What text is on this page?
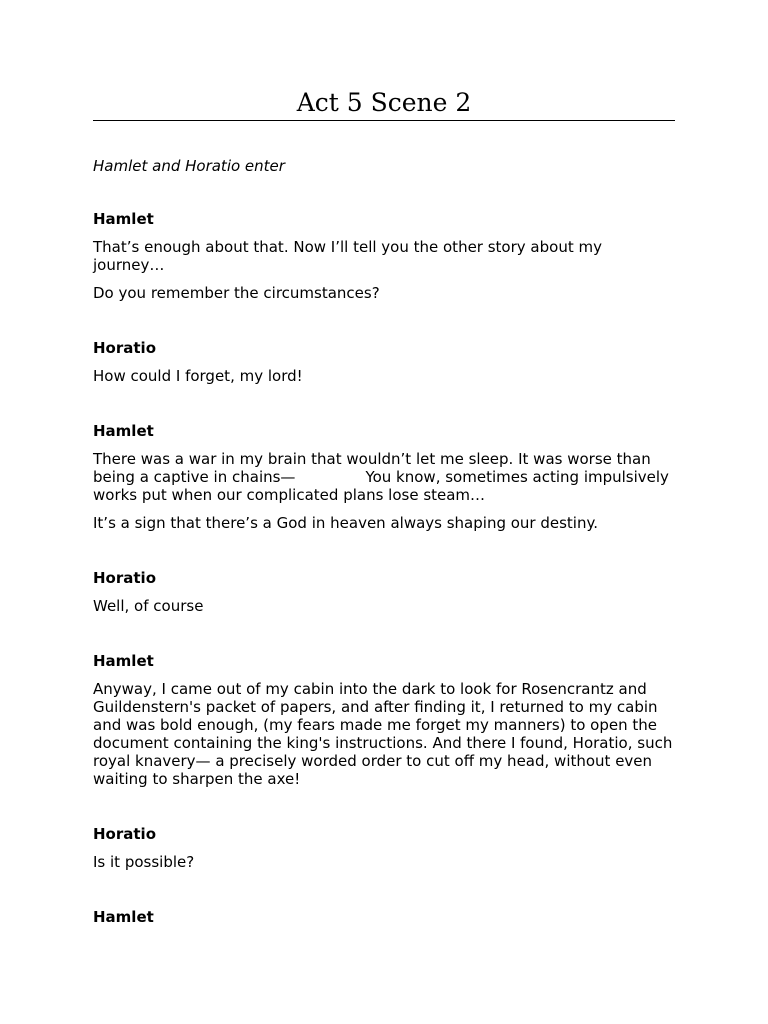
Act 5 Scene 2

Hamlet and Horatio enter

Hamlet

That’s enough about that. Now I’ll tell you the other story about my journey…

Do you remember the circumstances?

Horatio

How could I forget, my lord!

Hamlet

There was a war in my brain that wouldn’t let me sleep. It was worse than being a captive in chains—	You know, sometimes acting impulsively works put when our complicated plans lose steam…

It’s a sign that there’s a God in heaven always shaping our destiny.

Horatio

Well, of course

Hamlet

Anyway, I came out of my cabin into the dark to look for Rosencrantz and Guildenstern's packet of papers, and after finding it, I returned to my cabin and was bold enough, (my fears made me forget my manners) to open the document containing the king's instructions. And there I found, Horatio, such royal knavery— a precisely worded order to cut off my head, without even waiting to sharpen the axe!

Horatio

Is it possible?

Hamlet
